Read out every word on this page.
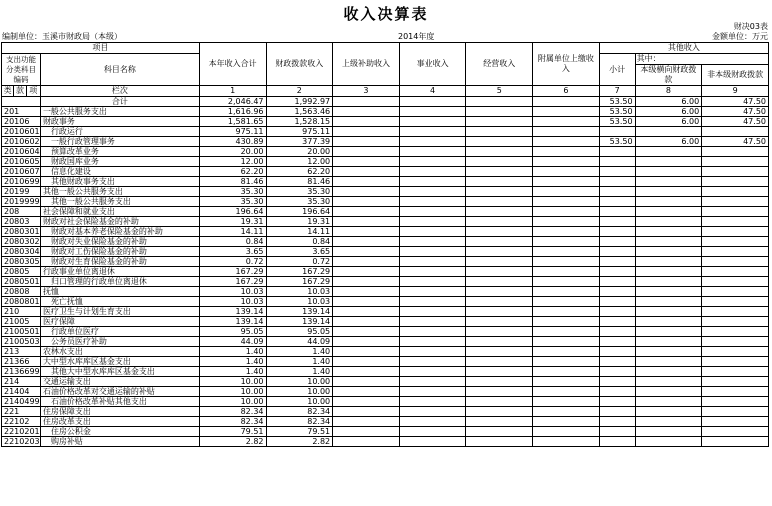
收入决算表
财决03表
编制单位：玉溪市财政局（本级）	2014年度	金额单位：万元
项目				本年收入合计	财政拨款收入	上级补助收入	事业收入	经营收入	附属单位上缴收入	其他收入		
支出功能分类科目编码			科目名称							小计	其中：	
											本级横向财政拨款	非本级财政拨款
类	款	项	栏次	1	2	3	4	5	6	7	8	9
			合计	2,046.47	1,992.97					53.50	6.00	47.50
201			一般公共服务支出	1,616.96	1,563.46					53.50	6.00	47.50
20106			财政事务	1,581.65	1,528.15					53.50	6.00	47.50
2010601			行政运行	975.11	975.11							
2010602			一般行政管理事务	430.89	377.39					53.50	6.00	47.50
2010604			预算改革业务	20.00	20.00							
2010605			财政国库业务	12.00	12.00							
2010607			信息化建设	62.20	62.20							
2010699			其他财政事务支出	81.46	81.46							
20199			其他一般公共服务支出	35.30	35.30							
2019999			其他一般公共服务支出	35.30	35.30							
208			社会保障和就业支出	196.64	196.64							
20803			财政对社会保险基金的补助	19.31	19.31							
2080301			财政对基本养老保险基金的补助	14.11	14.11							
2080302			财政对失业保险基金的补助	0.84	0.84							
2080304			财政对工伤保险基金的补助	3.65	3.65							
2080305			财政对生育保险基金的补助	0.72	0.72							
20805			行政事业单位离退休	167.29	167.29							
2080501			归口管理的行政单位离退休	167.29	167.29							
20808			抚恤	10.03	10.03							
2080801			死亡抚恤	10.03	10.03							
210			医疗卫生与计划生育支出	139.14	139.14							
21005			医疗保障	139.14	139.14							
2100501			行政单位医疗	95.05	95.05							
2100503			公务员医疗补助	44.09	44.09							
213			农林水支出	1.40	1.40							
21366			大中型水库库区基金支出	1.40	1.40							
2136699			其他大中型水库库区基金支出	1.40	1.40							
214			交通运输支出	10.00	10.00							
21404			石油价格改革对交通运输的补贴	10.00	10.00							
2140499			石油价格改革补贴其他支出	10.00	10.00							
221			住房保障支出	82.34	82.34							
22102			住房改革支出	82.34	82.34							
2210201			住房公积金	79.51	79.51							
2210203			购房补贴	2.82	2.82							
